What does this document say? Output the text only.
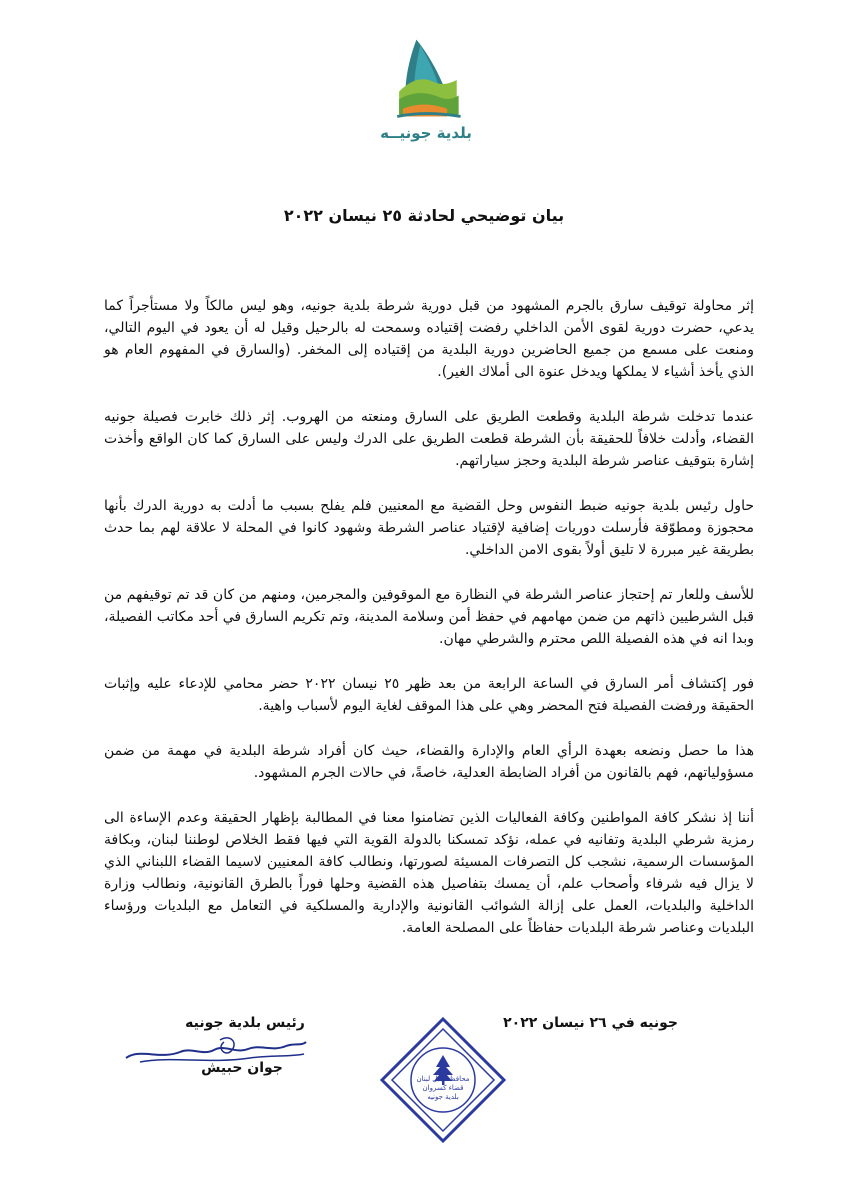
بلدية جونيــه
بيان توضيحي لحادثة ٢٥ نيسان ٢٠٢٢

إثر محاولة توقيف سارق بالجرم المشهود من قبل دورية شرطة بلدية جونيه، وهو ليس مالكاً ولا مستأجراً كما يدعي، حضرت دورية لقوى الأمن الداخلي رفضت إقتياده وسمحت له بالرحيل وقيل له أن يعود في اليوم التالي، ومنعت على مسمع من جميع الحاضرين دورية البلدية من إقتياده إلى المخفر. (والسارق في المفهوم العام هو الذي يأخذ أشياء لا يملكها ويدخل عنوة الى أملاك الغير).

عندما تدخلت شرطة البلدية وقطعت الطريق على السارق ومنعته من الهروب. إثر ذلك خابرت فصيلة جونيه القضاء، وأدلت خلافاً للحقيقة بأن الشرطة قطعت الطريق على الدرك وليس على السارق كما كان الواقع وأخذت إشارة بتوقيف عناصر شرطة البلدية وحجز سياراتهم.

حاول رئيس بلدية جونيه ضبط النفوس وحل القضية مع المعنيين فلم يفلح بسبب ما أدلت به دورية الدرك بأنها محجوزة ومطوّقة فأرسلت دوريات إضافية لإقتياد عناصر الشرطة وشهود كانوا في المحلة لا علاقة لهم بما حدث بطريقة غير مبررة لا تليق أولاً بقوى الامن الداخلي.

للأسف وللعار تم إحتجاز عناصر الشرطة في النظارة مع الموقوفين والمجرمين، ومنهم من كان قد تم توقيفهم من قبل الشرطيين ذاتهم من ضمن مهامهم في حفظ أمن وسلامة المدينة، وتم تكريم السارق في أحد مكاتب الفصيلة، وبدا انه في هذه الفصيلة اللص محترم والشرطي مهان.

فور إكتشاف أمر السارق في الساعة الرابعة من بعد ظهر ٢٥ نيسان ٢٠٢٢ حضر محامي للإدعاء عليه وإثبات الحقيقة ورفضت الفصيلة فتح المحضر وهي على هذا الموقف لغاية اليوم لأسباب واهية.

هذا ما حصل ونضعه بعهدة الرأي العام والإدارة والقضاء، حيث كان أفراد شرطة البلدية في مهمة من ضمن مسؤولياتهم، فهم بالقانون من أفراد الضابطة العدلية، خاصةً، في حالات الجرم المشهود.

أننا إذ نشكر كافة المواطنين وكافة الفعاليات الذين تضامنوا معنا في المطالبة بإظهار الحقيقة وعدم الإساءة الى رمزية شرطي البلدية وتفانيه في عمله، نؤكد تمسكنا بالدولة القوية التي فيها فقط الخلاص لوطننا لبنان، وبكافة المؤسسات الرسمية، نشجب كل التصرفات المسيئة لصورتها، ونطالب كافة المعنيين لاسيما القضاء اللبناني الذي لا يزال فيه شرفاء وأصحاب علم، أن يمسك بتفاصيل هذه القضية وحلها فوراً بالطرق القانونية، ونطالب وزارة الداخلية والبلديات، العمل على إزالة الشوائب القانونية والإدارية والمسلكية في التعامل مع البلديات ورؤساء البلديات وعناصر شرطة البلديات حفاظاً على المصلحة العامة.

جونيه في ٢٦ نيسان ٢٠٢٢
محافظة جبل لبنان
قضاء كسروان
بلدية جونيه
رئيس بلدية جونيه
جوان حبيش
